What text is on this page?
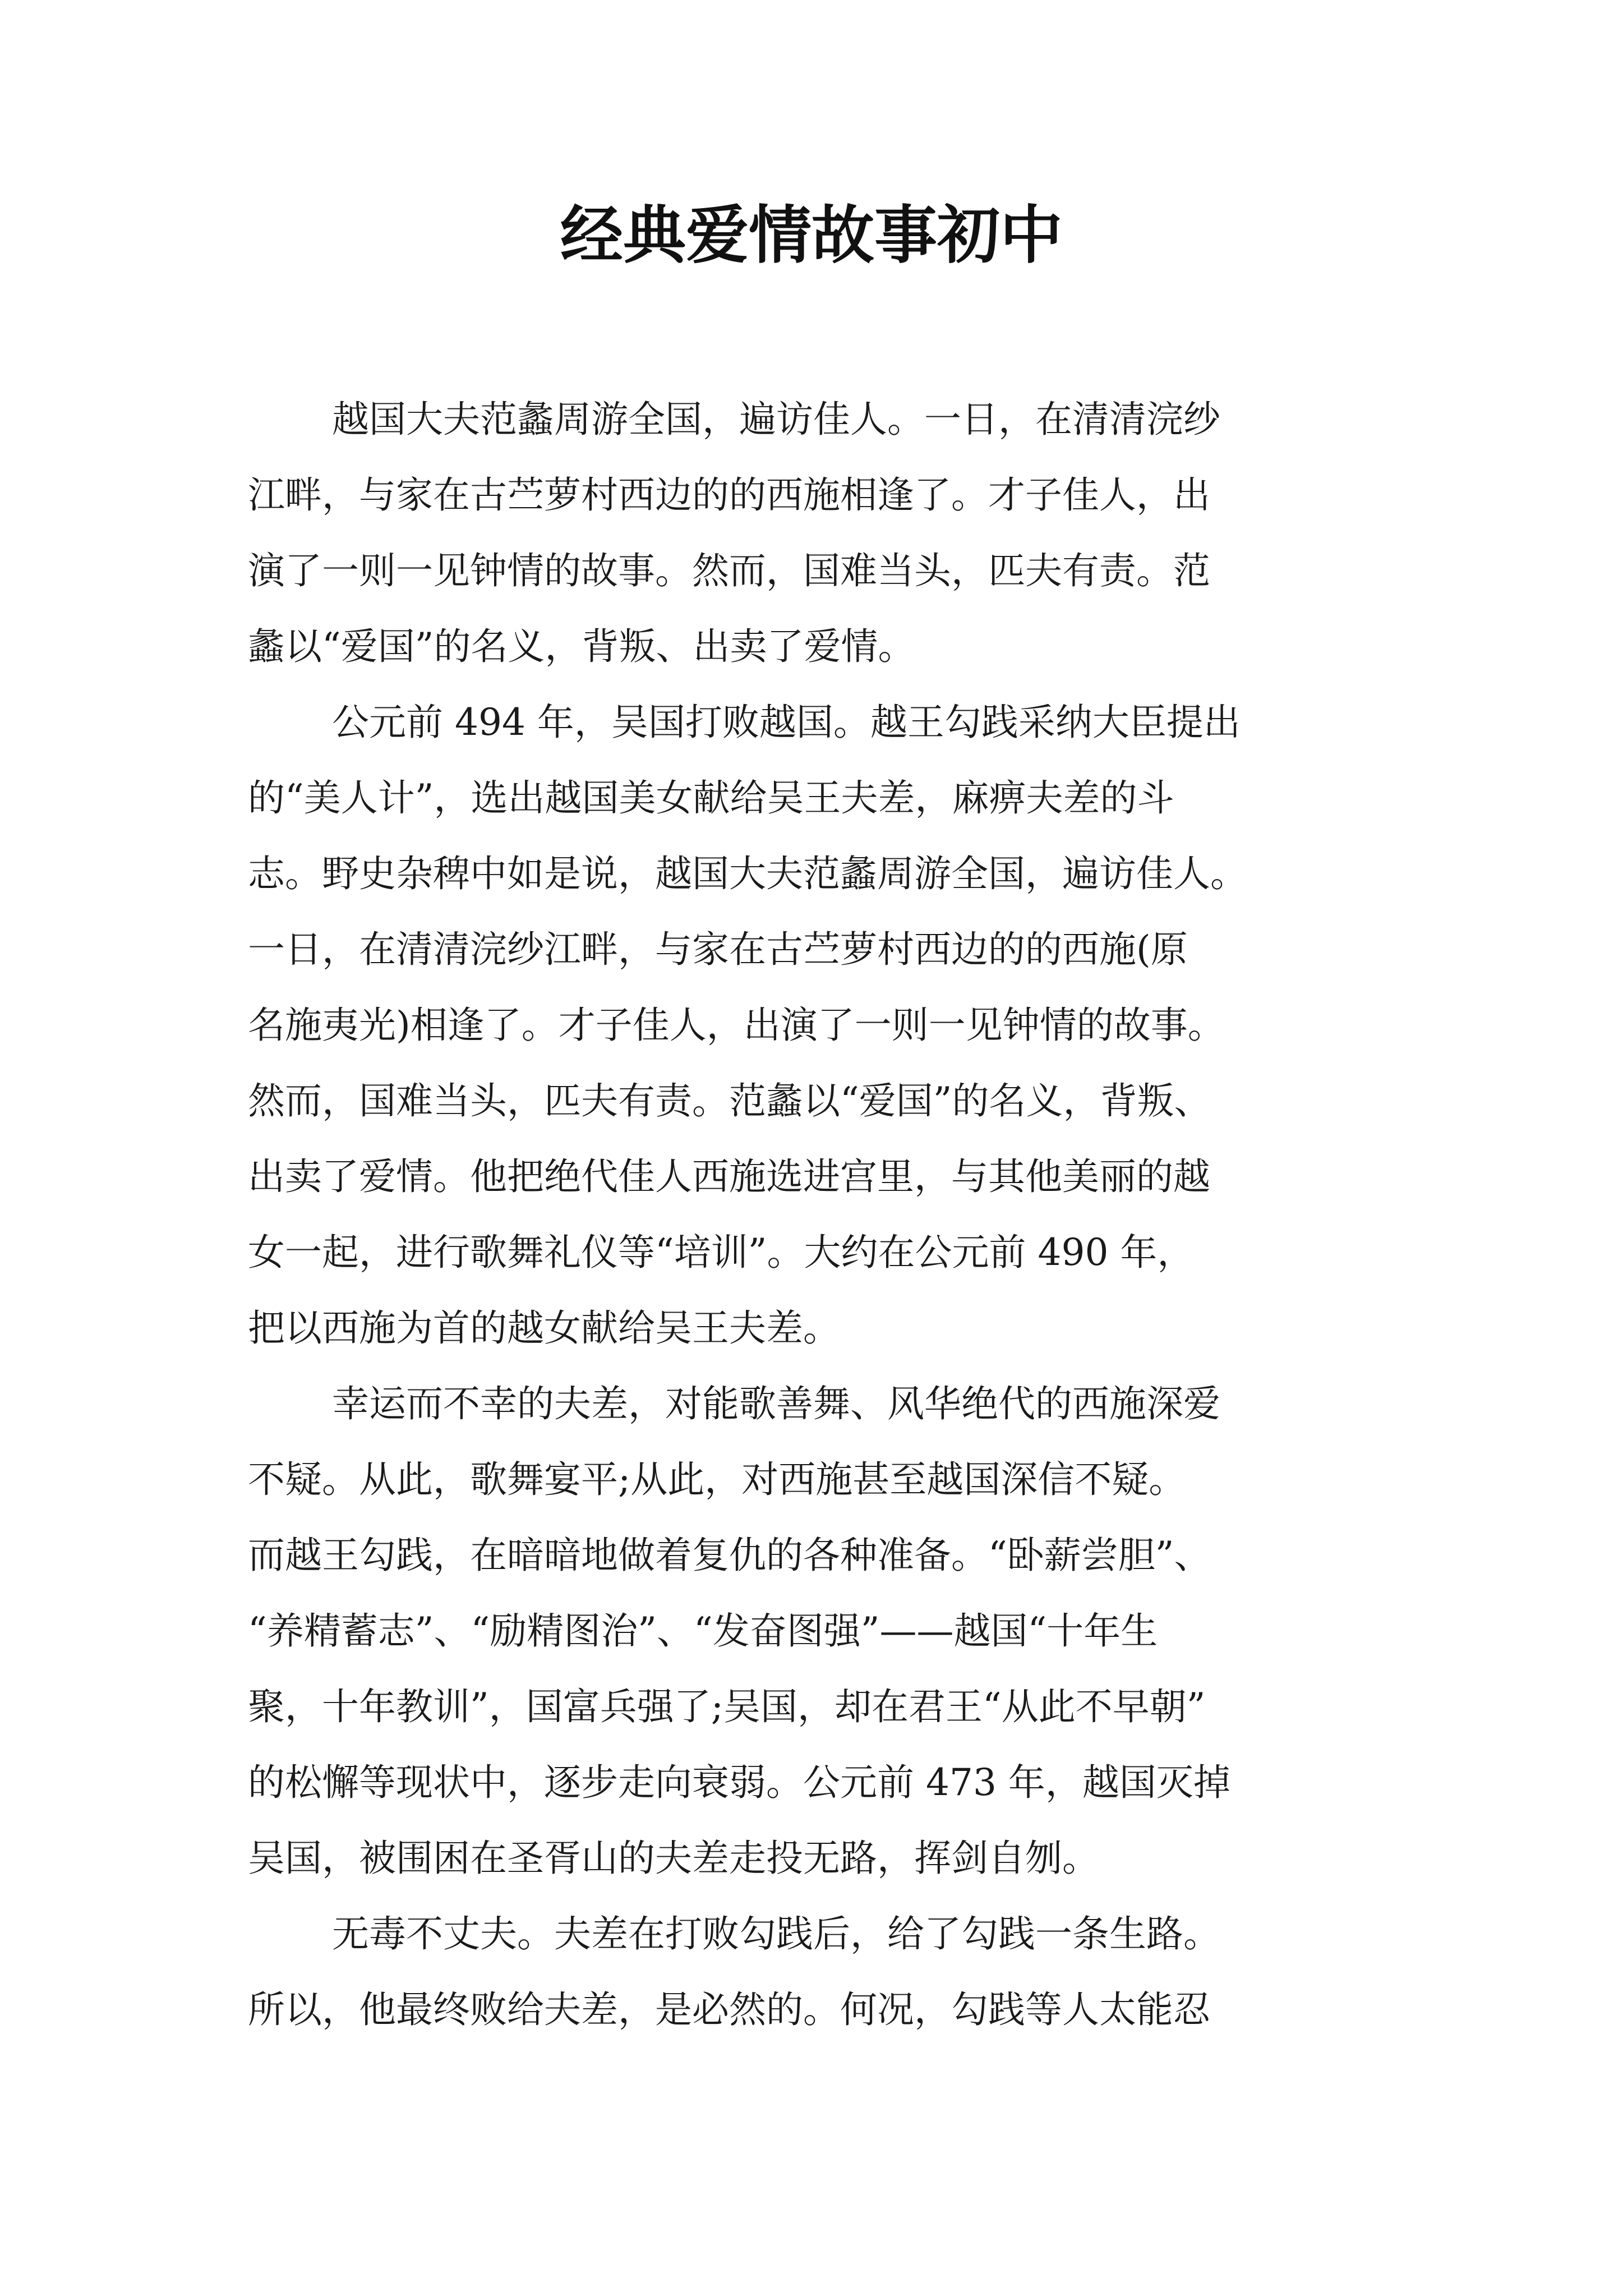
经典爱情故事初中
越国大夫范蠡周游全国，遍访佳人。一日，在清清浣纱
江畔，与家在古苎萝村西边的的西施相逢了。才子佳人，出
演了一则一见钟情的故事。然而，国难当头，匹夫有责。范
蠡以“爱国”的名义，背叛、出卖了爱情。
公元前 494 年，吴国打败越国。越王勾践采纳大臣提出
的“美人计”，选出越国美女献给吴王夫差，麻痹夫差的斗
志。野史杂稗中如是说，越国大夫范蠡周游全国，遍访佳人。
一日，在清清浣纱江畔，与家在古苎萝村西边的的西施(原
名施夷光)相逢了。才子佳人，出演了一则一见钟情的故事。
然而，国难当头，匹夫有责。范蠡以“爱国”的名义，背叛、
出卖了爱情。他把绝代佳人西施选进宫里，与其他美丽的越
女一起，进行歌舞礼仪等“培训”。大约在公元前 490 年，
把以西施为首的越女献给吴王夫差。
幸运而不幸的夫差，对能歌善舞、风华绝代的西施深爱
不疑。从此，歌舞宴平;从此，对西施甚至越国深信不疑。
而越王勾践，在暗暗地做着复仇的各种准备。“卧薪尝胆”、
“养精蓄志”、“励精图治”、“发奋图强”——越国“十年生
聚，十年教训”，国富兵强了;吴国，却在君王“从此不早朝”
的松懈等现状中，逐步走向衰弱。公元前 473 年，越国灭掉
吴国，被围困在圣胥山的夫差走投无路，挥剑自刎。
无毒不丈夫。夫差在打败勾践后，给了勾践一条生路。
所以，他最终败给夫差，是必然的。何况，勾践等人太能忍
